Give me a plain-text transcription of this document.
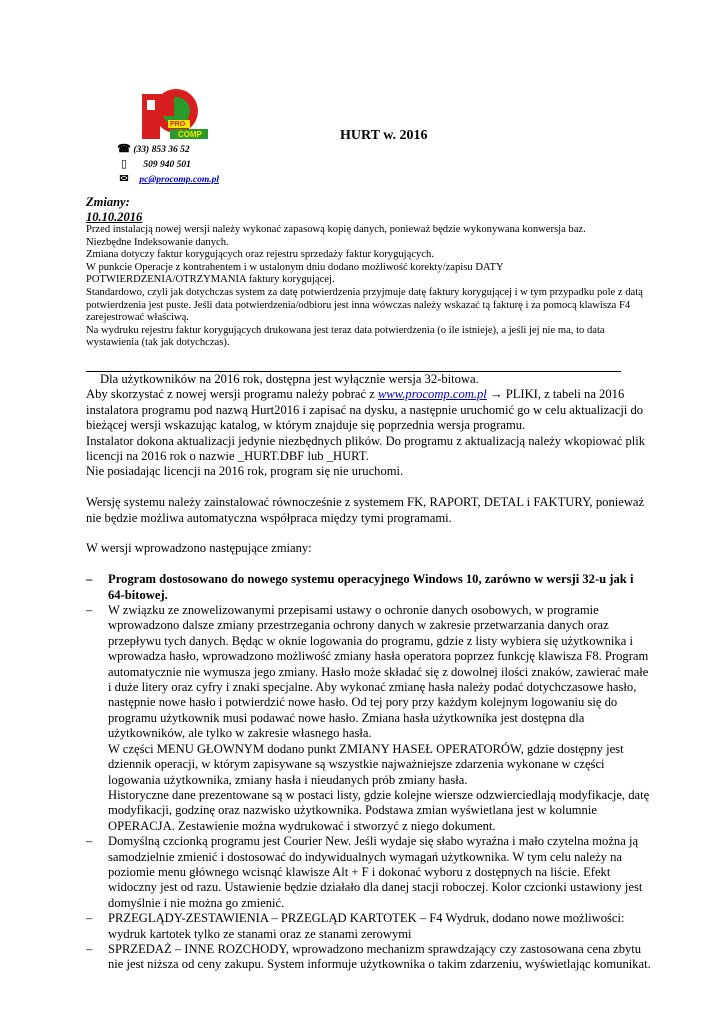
PRO
COMP	HURT w. 2016
☎ (33) 853 36 52
▯ 509 940 501
✉ pc@procomp.com.pl
Zmiany:
10.10.2016

Przed instalacją nowej wersji należy wykonać zapasową kopię danych, ponieważ będzie wykonywana konwersja baz.

Niezbędne Indeksowanie danych.

Zmiana dotyczy faktur korygujących oraz rejestru sprzedaży faktur korygujących.

W punkcie Operacje z kontrahentem i w ustalonym dniu dodano możliwość korekty/zapisu DATY POTWIERDZENIA/OTRZYMANIA faktury korygującej.

Standardowo, czyli jak dotychczas system za datę potwierdzenia przyjmuje datę faktury korygującej i w tym przypadku pole z datą potwierdzenia jest puste. Jeśli data potwierdzenia/odbioru jest inna wówczas należy wskazać tą fakturę i za pomocą klawisza F4 zarejestrować właściwą.

Na wydruku rejestru faktur korygujących drukowana jest teraz data potwierdzenia (o ile istnieje), a jeśli jej nie ma, to data wystawienia (tak jak dotychczas).

Dla użytkowników na 2016 rok, dostępna jest wyłącznie wersja 32-bitowa.

Aby skorzystać z nowej wersji programu należy pobrać z www.procomp.com.pl → PLIKI, z tabeli na 2016 instalatora programu pod nazwą Hurt2016 i zapisać na dysku, a następnie uruchomić go w celu aktualizacji do bieżącej wersji wskazując katalog, w którym znajduje się poprzednia wersja programu.

Instalator dokona aktualizacji jedynie niezbędnych plików. Do programu z aktualizacją należy wkopiować plik licencji na 2016 rok o nazwie _HURT.DBF lub _HURT.

Nie posiadając licencji na 2016 rok, program się nie uruchomi.

Wersję systemu należy zainstalować równocześnie z systemem FK, RAPORT, DETAL i FAKTURY, ponieważ nie będzie możliwa automatyczna współpraca między tymi programami.

W wersji wprowadzono następujące zmiany:

– Program dostosowano do nowego systemu operacyjnego Windows 10, zarówno w wersji 32-u jak i 64-bitowej.

– W związku ze znowelizowanymi przepisami ustawy o ochronie danych osobowych, w programie wprowadzono dalsze zmiany przestrzegania ochrony danych w zakresie przetwarzania danych oraz przepływu tych danych. Będąc w oknie logowania do programu, gdzie z listy wybiera się użytkownika i wprowadza hasło, wprowadzono możliwość zmiany hasła operatora poprzez funkcję klawisza F8. Program automatycznie nie wymusza jego zmiany. Hasło może składać się z dowolnej ilości znaków, zawierać małe i duże litery oraz cyfry i znaki specjalne. Aby wykonać zmianę hasła należy podać dotychczasowe hasło, następnie nowe hasło i potwierdzić nowe hasło. Od tej pory przy każdym kolejnym logowaniu się do programu użytkownik musi podawać nowe hasło. Zmiana hasła użytkownika jest dostępna dla użytkowników, ale tylko w zakresie własnego hasła.

W części MENU GŁOWNYM dodano punkt ZMIANY HASEŁ OPERATORÓW, gdzie dostępny jest dziennik operacji, w którym zapisywane są wszystkie najważniejsze zdarzenia wykonane w części logowania użytkownika, zmiany hasła i nieudanych prób zmiany hasła.

Historyczne dane prezentowane są w postaci listy, gdzie kolejne wiersze odzwierciedlają modyfikacje, datę modyfikacji, godzinę oraz nazwisko użytkownika. Podstawa zmian wyświetlana jest w kolumnie OPERACJA. Zestawienie można wydrukować i stworzyć z niego dokument.

– Domyślną czcionką programu jest Courier New. Jeśli wydaje się słabo wyraźna i mało czytelna można ją samodzielnie zmienić i dostosować do indywidualnych wymagań użytkownika. W tym celu należy na poziomie menu głównego wcisnąć klawisze Alt + F i dokonać wyboru z dostępnych na liście. Efekt widoczny jest od razu. Ustawienie będzie działało dla danej stacji roboczej. Kolor czcionki ustawiony jest domyślnie i nie można go zmienić.

– PRZEGLĄDY-ZESTAWIENIA – PRZEGLĄD KARTOTEK – F4 Wydruk, dodano nowe możliwości: wydruk kartotek tylko ze stanami oraz ze stanami zerowymi

– SPRZEDAŻ – INNE ROZCHODY, wprowadzono mechanizm sprawdzający czy zastosowana cena zbytu nie jest niższa od ceny zakupu. System informuje użytkownika o takim zdarzeniu, wyświetlając komunikat.
